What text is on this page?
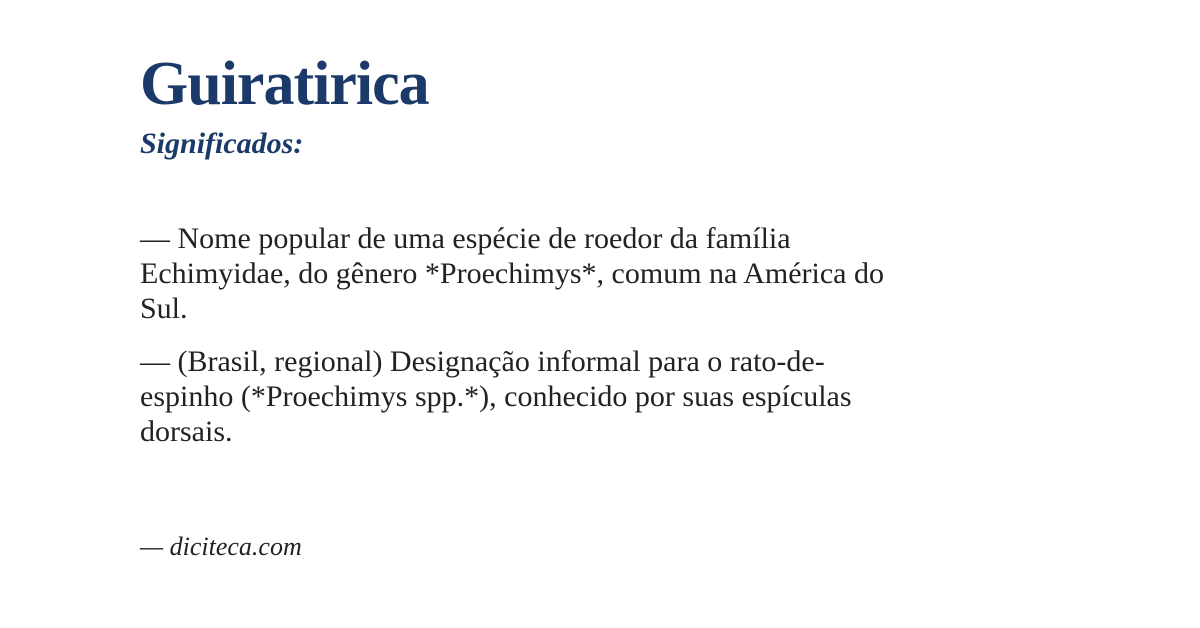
Guiratirica
Significados:

— Nome popular de uma espécie de roedor da família Echimyidae, do gênero *Proechimys*, comum na América do Sul.

— (Brasil, regional) Designação informal para o rato-de-espinho (*Proechimys spp.*), conhecido por suas espículas dorsais.

— diciteca.com
